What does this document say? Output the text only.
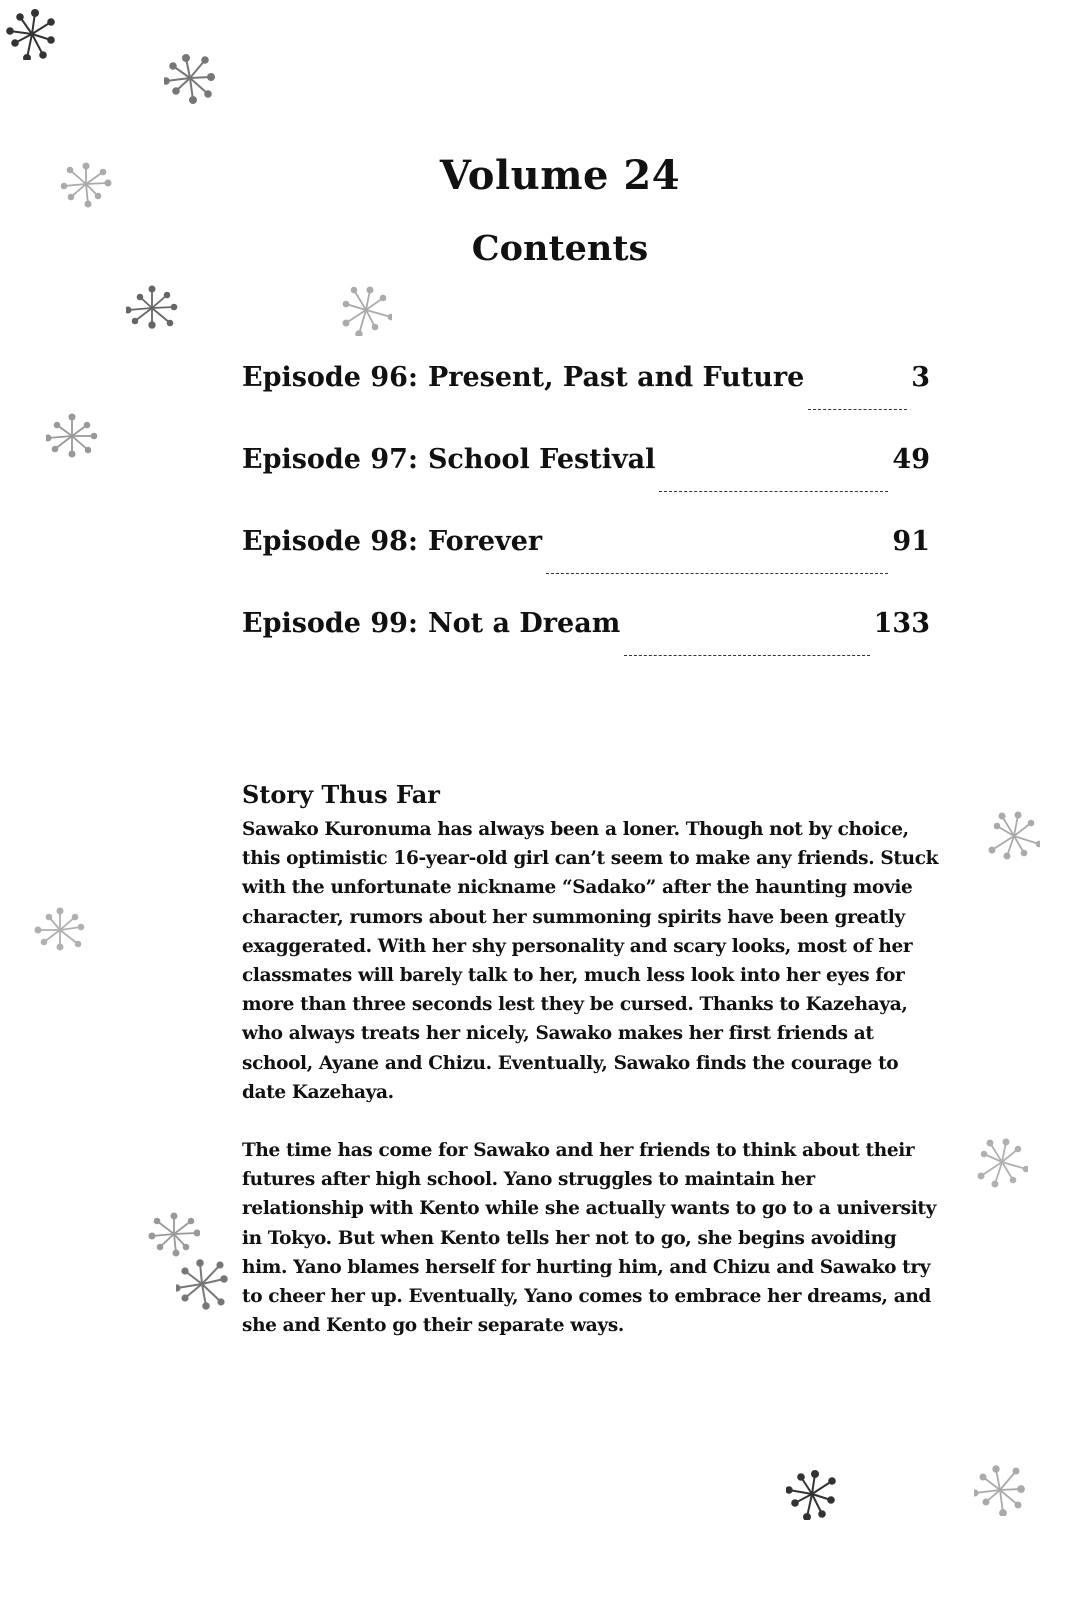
Volume 24
Contents
Episode 96 : Present, Past and Future	3
Episode 97 : School Festival	49
Episode 98 : Forever	91
Episode 99 : Not a Dream	133
Story Thus Far

Sawako Kuronuma has always been a loner. Though not by choice, this optimistic 16-year-old girl can’t seem to make any friends. Stuck with the unfortunate nickname “Sadako” after the haunting movie character, rumors about her summoning spirits have been greatly exaggerated. With her shy personality and scary looks, most of her classmates will barely talk to her, much less look into her eyes for more than three seconds lest they be cursed. Thanks to Kazehaya, who always treats her nicely, Sawako makes her first friends at school, Ayane and Chizu. Eventually, Sawako finds the courage to date Kazehaya.

The time has come for Sawako and her friends to think about their futures after high school. Yano struggles to maintain her relationship with Kento while she actually wants to go to a university in Tokyo. But when Kento tells her not to go, she begins avoiding him. Yano blames herself for hurting him, and Chizu and Sawako try to cheer her up. Eventually, Yano comes to embrace her dreams, and she and Kento go their separate ways.
